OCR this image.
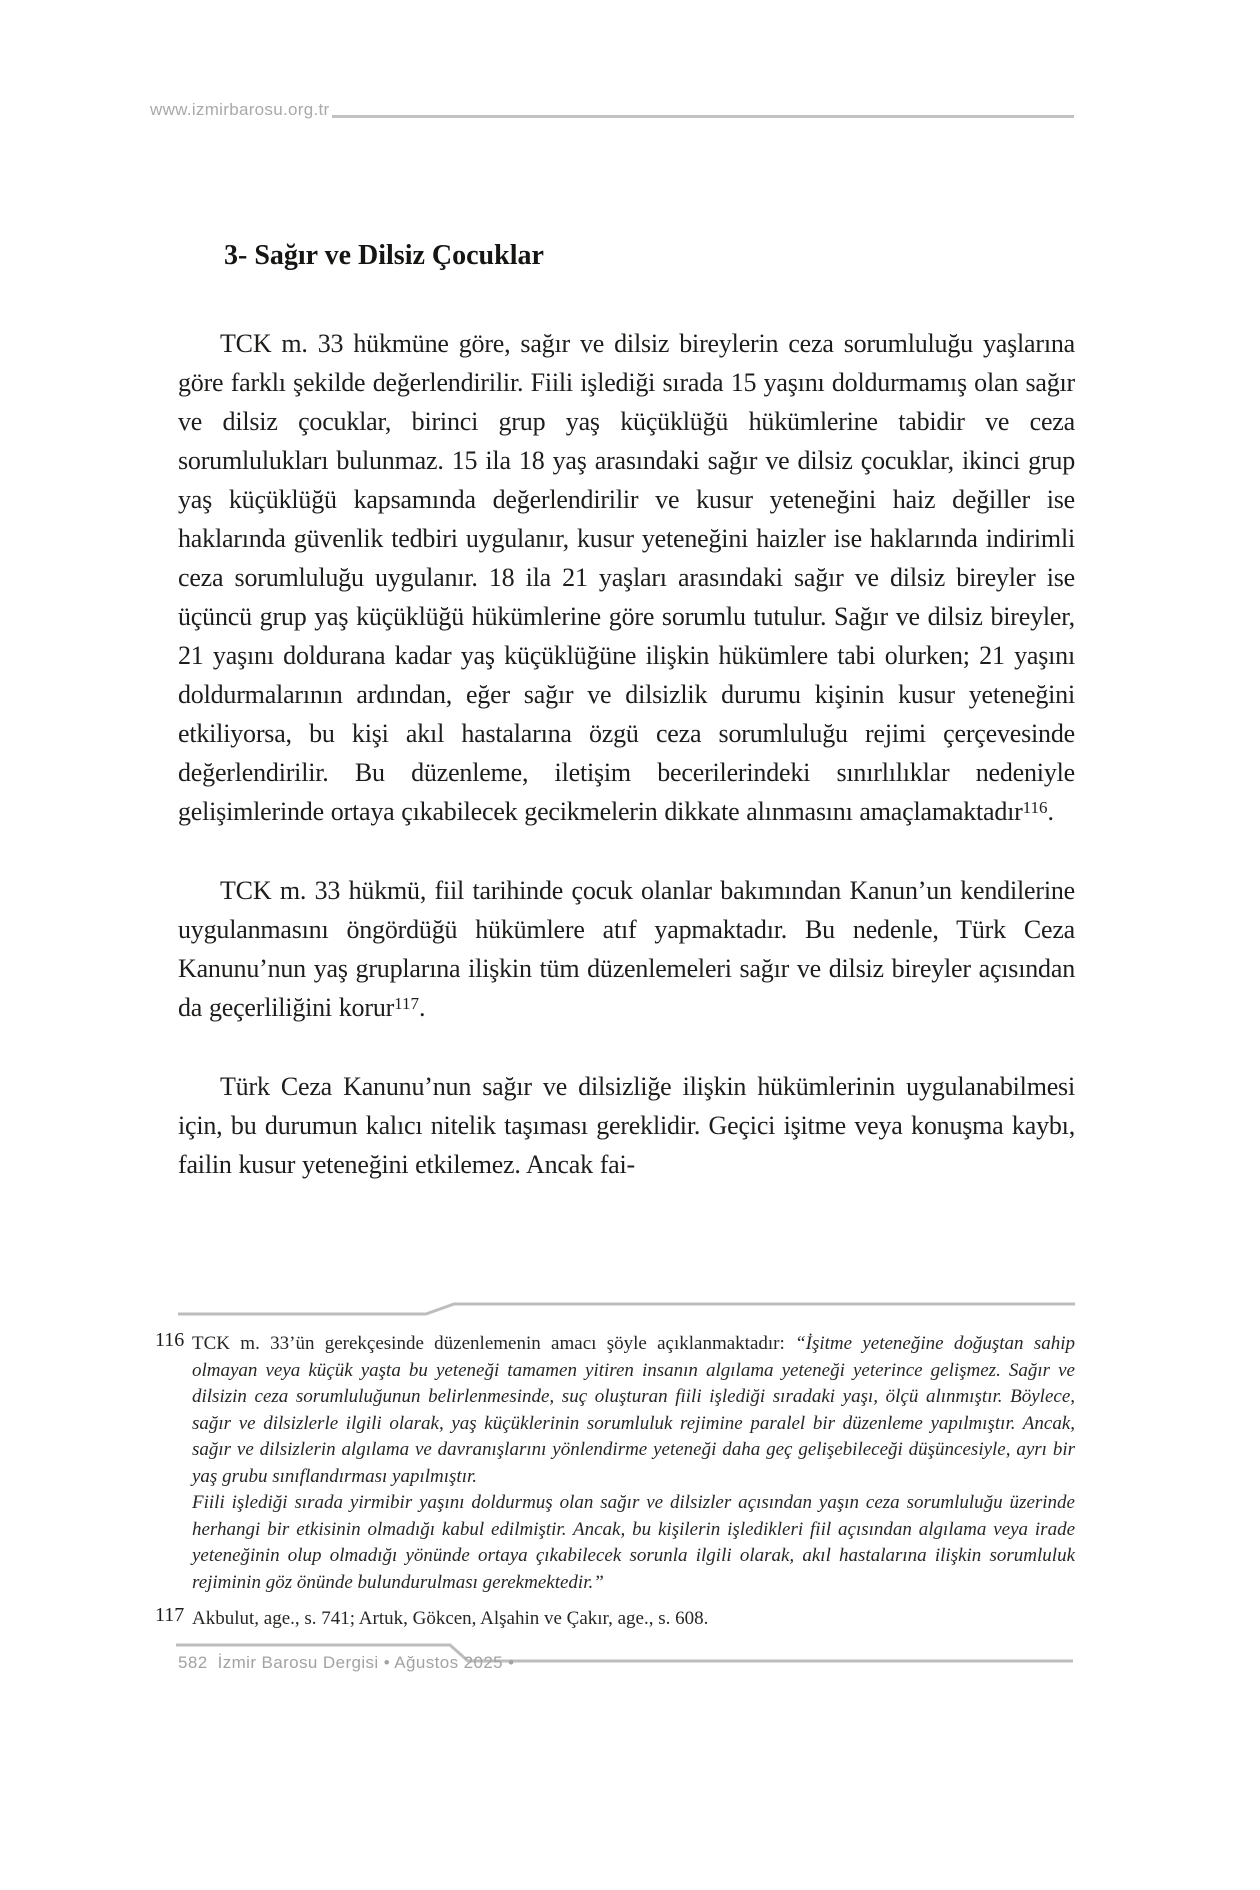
www.izmirbarosu.org.tr
3- Sağır ve Dilsiz Çocuklar

TCK m. 33 hükmüne göre, sağır ve dilsiz bireylerin ceza sorumluluğu yaşlarına göre farklı şekilde değerlendirilir. Fiili işlediği sırada 15 yaşını doldurmamış olan sağır ve dilsiz çocuklar, birinci grup yaş küçüklüğü hükümlerine tabidir ve ceza sorumlulukları bulunmaz. 15 ila 18 yaş arasındaki sağır ve dilsiz çocuklar, ikinci grup yaş küçüklüğü kapsamında değerlendirilir ve kusur yeteneğini haiz değiller ise haklarında güvenlik tedbiri uygulanır, kusur yeteneğini haizler ise haklarında indirimli ceza sorumluluğu uygulanır. 18 ila 21 yaşları arasındaki sağır ve dilsiz bireyler ise üçüncü grup yaş küçüklüğü hükümlerine göre sorumlu tutulur. Sağır ve dilsiz bireyler, 21 yaşını doldurana kadar yaş küçüklüğüne ilişkin hükümlere tabi olurken; 21 yaşını doldurmalarının ardından, eğer sağır ve dilsizlik durumu kişinin kusur yeteneğini etkiliyorsa, bu kişi akıl hastalarına özgü ceza sorumluluğu rejimi çerçevesinde değerlendirilir. Bu düzenleme, iletişim becerilerindeki sınırlılıklar nedeniyle gelişimlerinde ortaya çıkabilecek gecikmelerin dikkate alınmasını amaçlamaktadır$^{116}$.

TCK m. 33 hükmü, fiil tarihinde çocuk olanlar bakımından Kanun’un kendilerine uygulanmasını öngördüğü hükümlere atıf yapmaktadır. Bu nedenle, Türk Ceza Kanunu’nun yaş gruplarına ilişkin tüm düzenlemeleri sağır ve dilsiz bireyler açısından da geçerliliğini korur$^{117}$.

Türk Ceza Kanunu’nun sağır ve dilsizliğe ilişkin hükümlerinin uygulanabilmesi için, bu durumun kalıcı nitelik taşıması gereklidir. Geçici işitme veya konuşma kaybı, failin kusur yeteneğini etkilemez. Ancak fai-

116 TCK m. 33’ün gerekçesinde düzenlemenin amacı şöyle açıklanmaktadır: “İşitme yeteneğine doğuştan sahip olmayan veya küçük yaşta bu yeteneği tamamen yitiren insanın algılama yeteneği yeterince gelişmez. Sağır ve dilsizin ceza sorumluluğunun belirlenmesinde, suç oluşturan fiili işlediği sıradaki yaşı, ölçü alınmıştır. Böylece, sağır ve dilsizlerle ilgili olarak, yaş küçüklerinin sorumluluk rejimine paralel bir düzenleme yapılmıştır. Ancak, sağır ve dilsizlerin algılama ve davranışlarını yönlendirme yeteneği daha geç gelişebileceği düşüncesiyle, ayrı bir yaş grubu sınıflandırması yapılmıştır.
Fiili işlediği sırada yirmibir yaşını doldurmuş olan sağır ve dilsizler açısından yaşın ceza sorumluluğu üzerinde herhangi bir etkisinin olmadığı kabul edilmiştir. Ancak, bu kişilerin işledikleri fiil açısından algılama veya irade yeteneğinin olup olmadığı yönünde ortaya çıkabilecek sorunla ilgili olarak, akıl hastalarına ilişkin sorumluluk rejiminin göz önünde bulundurulması gerekmektedir.”
117 Akbulut, age., s. 741; Artuk, Gökcen, Alşahin ve Çakır, age., s. 608.
582 İzmir Barosu Dergisi • Ağustos 2025 •
